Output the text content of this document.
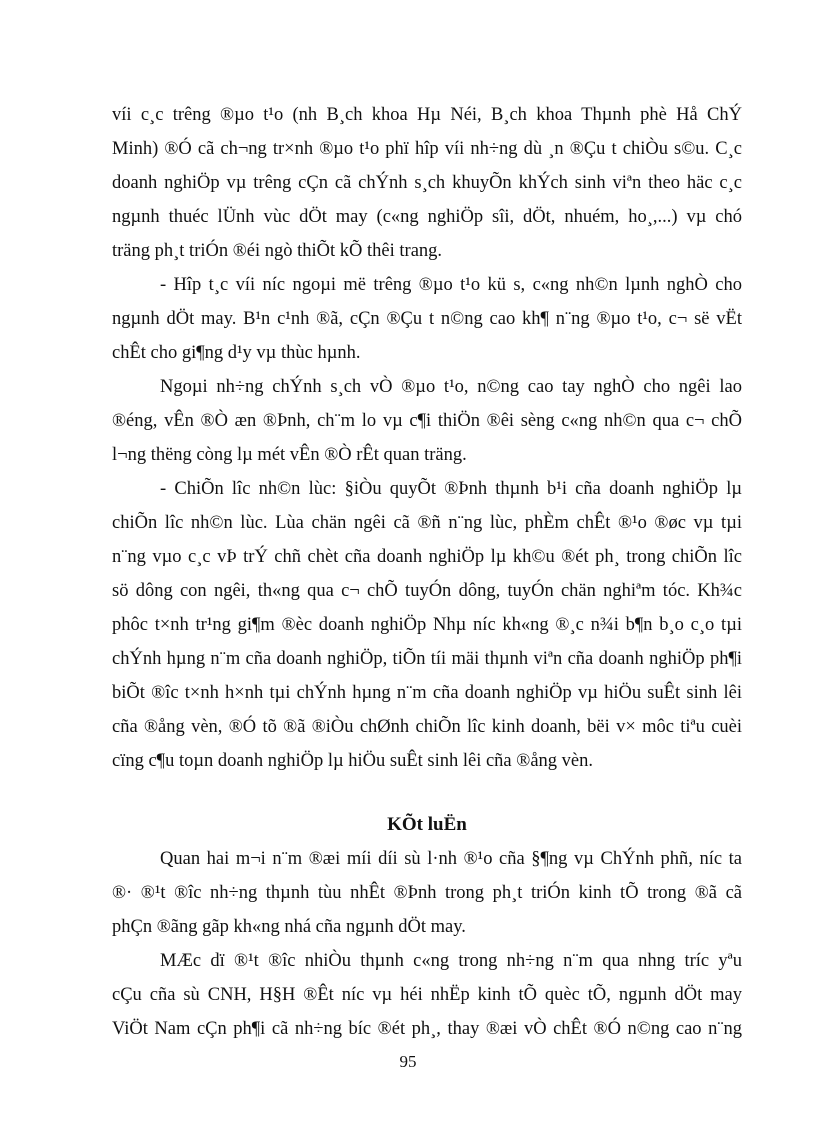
víi c¸c trêng ®µo t¹o (nh B¸ch khoa Hµ Néi, B¸ch khoa Thµnh phè Hå ChÝ
Minh) ®Ó cã ch¬ng tr×nh ®µo t¹o phï hîp víi nh÷ng dù ¸n ®Çu t chiÒu s©u. C¸c
doanh nghiÖp vµ trêng cÇn cã chÝnh s¸ch khuyÕn khÝch sinh viªn theo häc c¸c
ngµnh thuéc lÜnh vùc dÖt may (c«ng nghiÖp sîi, dÖt, nhuém, ho¸,...) vµ chó
träng ph¸t triÓn ®éi ngò thiÕt kÕ thêi trang.
- Hîp t¸c víi níc ngoµi më trêng ®µo t¹o kü s, c«ng nh©n lµnh nghÒ cho
ngµnh dÖt may. B¹n c¹nh ®ã, cÇn ®Çu t n©ng cao kh¶ n¨ng ®µo t¹o, c¬ së vËt
chÊt cho gi¶ng d¹y vµ thùc hµnh.
Ngoµi nh÷ng chÝnh s¸ch vÒ ®µo t¹o, n©ng cao tay nghÒ cho ngêi lao
®éng, vÊn ®Ò æn ®Þnh, ch¨m lo vµ c¶i thiÖn ®êi sèng c«ng nh©n qua c¬ chÕ
l¬ng thëng còng lµ mét vÊn ®Ò rÊt quan träng.
- ChiÕn lîc nh©n lùc: §iÒu quyÕt ®Þnh thµnh b¹i cña doanh nghiÖp lµ
chiÕn lîc nh©n lùc. Lùa chän ngêi cã ®ñ n¨ng lùc, phÈm chÊt ®¹o ®øc vµ tµi
n¨ng vµo c¸c vÞ trÝ chñ chèt cña doanh nghiÖp lµ kh©u ®ét ph¸ trong chiÕn lîc
sö dông con ngêi, th«ng qua c¬ chÕ tuyÓn dông, tuyÓn chän nghiªm tóc. Kh¾c
phôc t×nh tr¹ng gi¶m ®èc doanh nghiÖp Nhµ níc kh«ng ®¸c n¾i b¶n b¸o c¸o tµi
chÝnh hµng n¨m cña doanh nghiÖp, tiÕn tíi mäi thµnh viªn cña doanh nghiÖp ph¶i
biÕt ®îc t×nh h×nh tµi chÝnh hµng n¨m cña doanh nghiÖp vµ hiÖu suÊt sinh lêi
cña ®ång vèn, ®Ó tõ ®ã ®iÒu chØnh chiÕn lîc kinh doanh, bëi v× môc tiªu cuèi
cïng c¶u toµn doanh nghiÖp lµ hiÖu suÊt sinh lêi cña ®ång vèn.
KÕt luËn
Quan hai m¬i n¨m ®æi míi díi sù l·nh ®¹o cña §¶ng vµ ChÝnh phñ, níc ta
®· ®¹t ®îc nh÷ng thµnh tùu nhÊt ®Þnh trong ph¸t triÓn kinh tÕ trong ®ã cã
phÇn ®ãng gãp kh«ng nhá cña ngµnh dÖt may.
MÆc dï ®¹t ®îc nhiÒu thµnh c«ng trong nh÷ng n¨m qua nhng tríc yªu
cÇu cña sù CNH, H§H ®Êt níc vµ héi nhËp kinh tÕ quèc tÕ, ngµnh dÖt may
ViÖt Nam cÇn ph¶i cã nh÷ng bíc ®ét ph¸, thay ®æi vÒ chÊt ®Ó n©ng cao n¨ng
95
